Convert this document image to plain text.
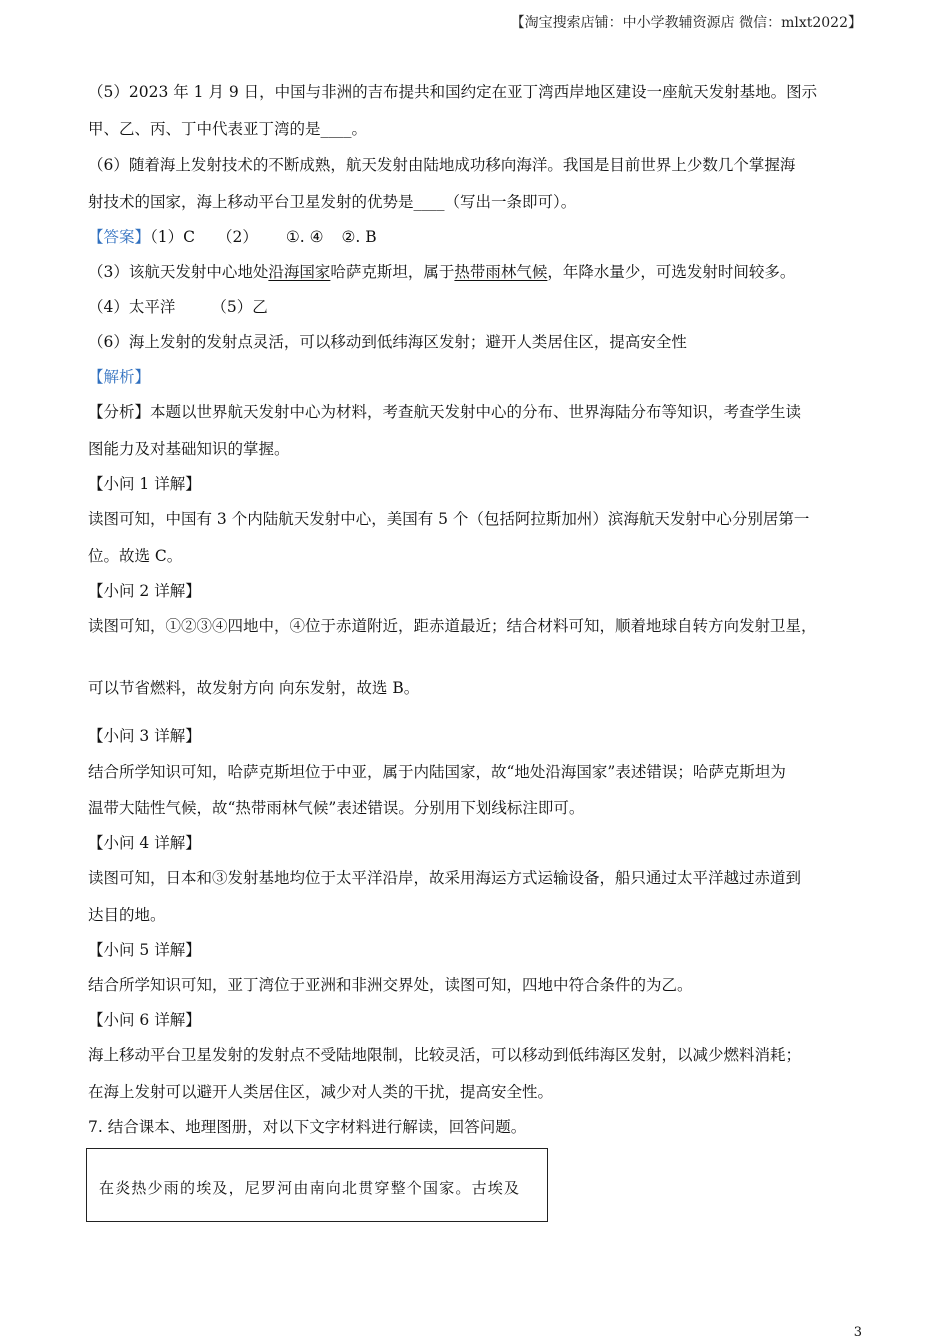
【淘宝搜索店铺：中小学教辅资源店 微信：mlxt2022】
（5）2023 年 1 月 9 日，中国与非洲的吉布提共和国约定在亚丁湾西岸地区建设一座航天发射基地。图示
甲、乙、丙、丁中代表亚丁湾的是____。
（6）随着海上发射技术的不断成熟，航天发射由陆地成功移向海洋。我国是目前世界上少数几个掌握海
射技术的国家，海上移动平台卫星发射的优势是____（写出一条即可）。
【答案】（1）C （2） ①. ④ ②. B
（3）该航天发射中心地处沿海国家哈萨克斯坦，属于热带雨林气候，年降水量少，可选发射时间较多。
（4）太平洋 （5）乙
（6）海上发射的发射点灵活，可以移动到低纬海区发射；避开人类居住区，提高安全性
【解析】
【分析】本题以世界航天发射中心为材料，考查航天发射中心的分布、世界海陆分布等知识，考查学生读
图能力及对基础知识的掌握。
【小问 1 详解】
读图可知，中国有 3 个内陆航天发射中心，美国有 5 个（包括阿拉斯加州）滨海航天发射中心分别居第一
位。故选 C。
【小问 2 详解】
读图可知，①②③④四地中，④位于赤道附近，距赤道最近；结合材料可知，顺着地球自转方向发射卫星，
可以节省燃料，故发射方向 向东发射，故选 B。
【小问 3 详解】
结合所学知识可知，哈萨克斯坦位于中亚，属于内陆国家，故“地处沿海国家”表述错误；哈萨克斯坦为
温带大陆性气候，故“热带雨林气候”表述错误。分别用下划线标注即可。
【小问 4 详解】
读图可知，日本和③发射基地均位于太平洋沿岸，故采用海运方式运输设备，船只通过太平洋越过赤道到
达目的地。
【小问 5 详解】
结合所学知识可知，亚丁湾位于亚洲和非洲交界处，读图可知，四地中符合条件的为乙。
【小问 6 详解】
海上移动平台卫星发射的发射点不受陆地限制，比较灵活，可以移动到低纬海区发射，以减少燃料消耗；
在海上发射可以避开人类居住区，减少对人类的干扰，提高安全性。
7. 结合课本、地理图册，对以下文字材料进行解读，回答问题。
在炎热少雨的埃及，尼罗河由南向北贯穿整个国家。古埃及
3
